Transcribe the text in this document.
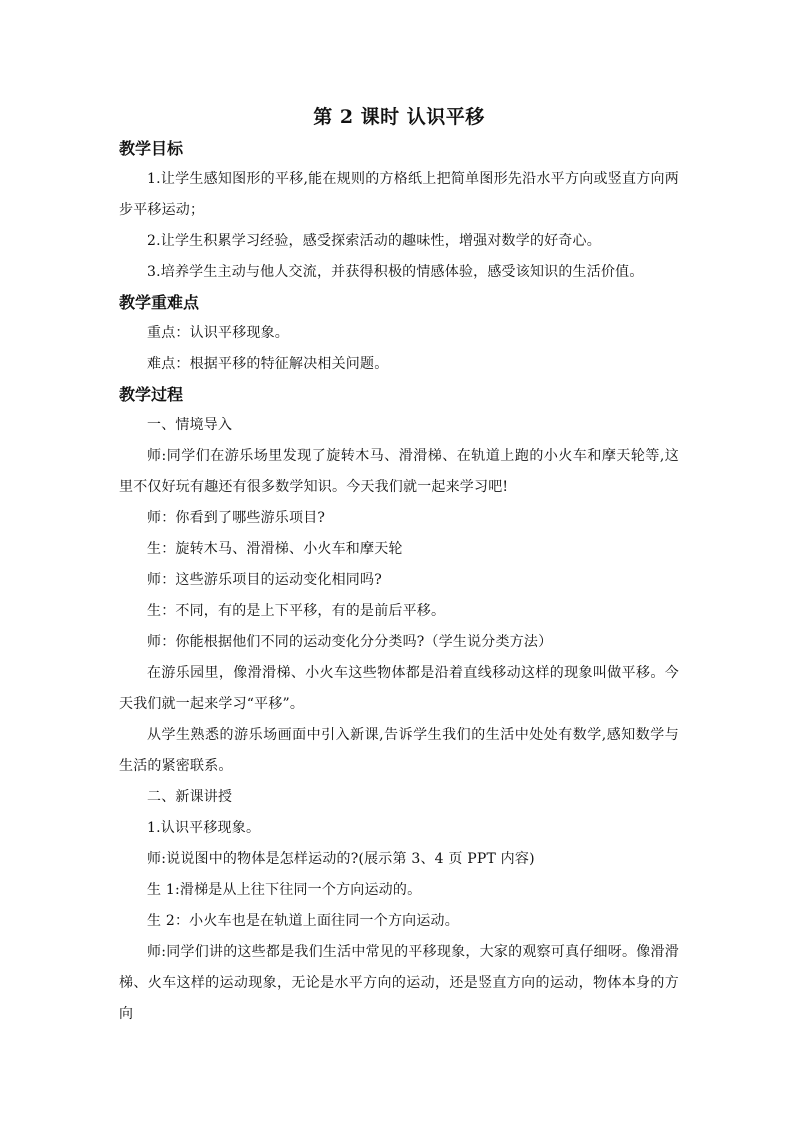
第 2 课时 认识平移
教学目标

1.让学生感知图形的平移,能在规则的方格纸上把简单图形先沿水平方向或竖直方向两步平移运动；

2.让学生积累学习经验，感受探索活动的趣味性，增强对数学的好奇心。

3.培养学生主动与他人交流，并获得积极的情感体验，感受该知识的生活价值。

教学重难点

重点：认识平移现象。

难点：根据平移的特征解决相关问题。

教学过程

一、情境导入

师:同学们在游乐场里发现了旋转木马、滑滑梯、在轨道上跑的小火车和摩天轮等,这里不仅好玩有趣还有很多数学知识。今天我们就一起来学习吧!

师：你看到了哪些游乐项目?

生：旋转木马、滑滑梯、小火车和摩天轮

师：这些游乐项目的运动变化相同吗?

生：不同，有的是上下平移，有的是前后平移。

师：你能根据他们不同的运动变化分分类吗?（学生说分类方法）

在游乐园里，像滑滑梯、小火车这些物体都是沿着直线移动这样的现象叫做平移。今天我们就一起来学习“平移”。

从学生熟悉的游乐场画面中引入新课,告诉学生我们的生活中处处有数学,感知数学与生活的紧密联系。

二、新课讲授

1.认识平移现象。

师:说说图中的物体是怎样运动的?(展示第 3、4 页 PPT 内容)

生 1:滑梯是从上往下往同一个方向运动的。

生 2：小火车也是在轨道上面往同一个方向运动。

师:同学们讲的这些都是我们生活中常见的平移现象，大家的观察可真仔细呀。像滑滑梯、火车这样的运动现象，无论是水平方向的运动，还是竖直方向的运动，物体本身的方向
